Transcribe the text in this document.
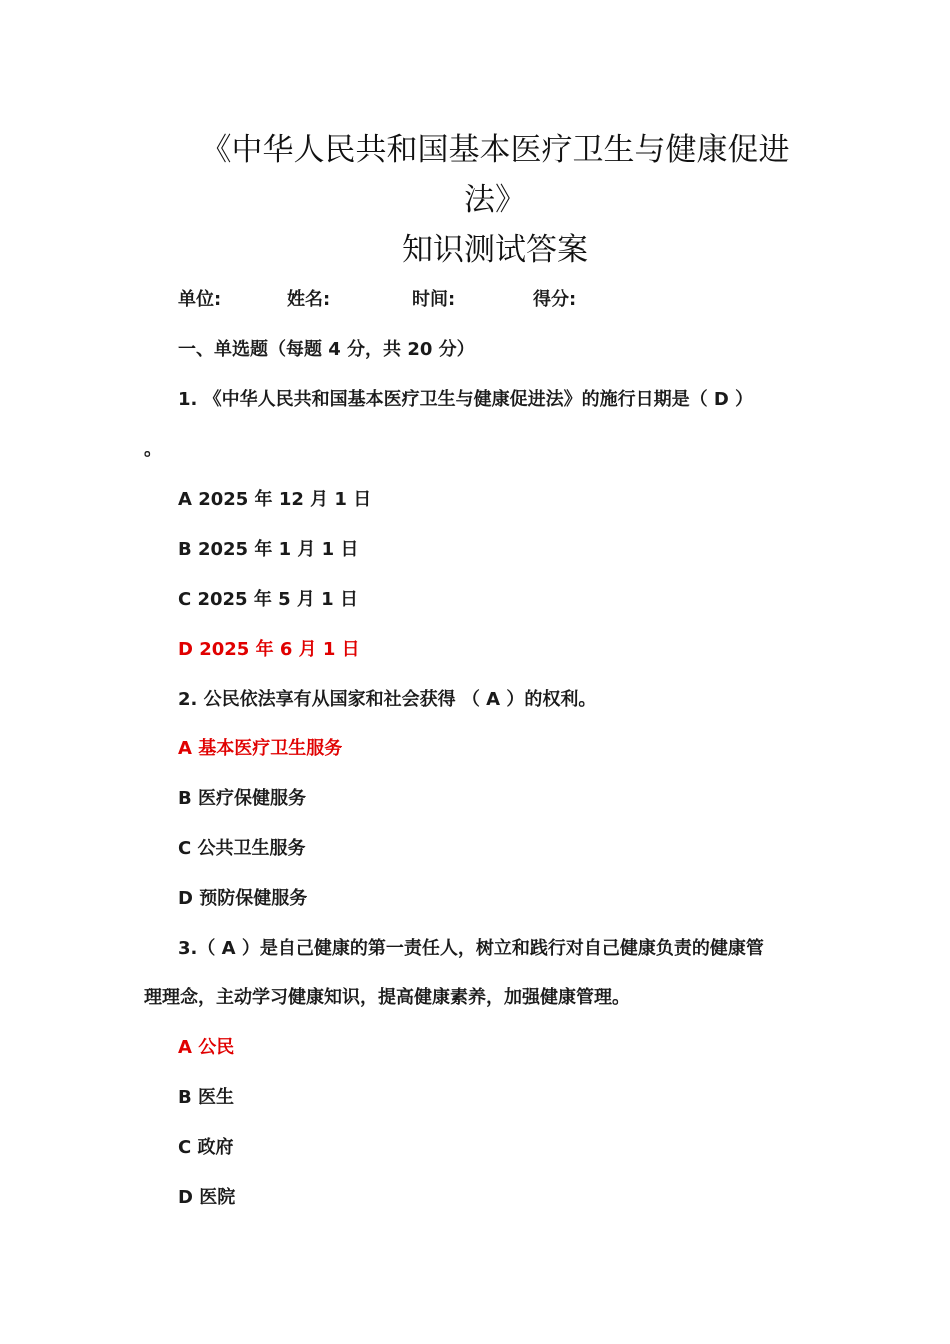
《中华人民共和国基本医疗卫生与健康促进
法》
知识测试答案
单位:	姓名:	时间:	得分:
一、单选题（每题 4 分，共 20 分）
1. 《中华人民共和国基本医疗卫生与健康促进法》的施行日期是（ D ）
。
A 2025 年 12 月 1 日
B 2025 年 1 月 1 日
C 2025 年 5 月 1 日
D 2025 年 6 月 1 日
2. 公民依法享有从国家和社会获得 （ A ）的权利。
A 基本医疗卫生服务
B 医疗保健服务
C 公共卫生服务
D 预防保健服务
3.（ A ）是自己健康的第一责任人，树立和践行对自己健康负责的健康管
理理念，主动学习健康知识，提高健康素养，加强健康管理。
A 公民
B 医生
C 政府
D 医院
